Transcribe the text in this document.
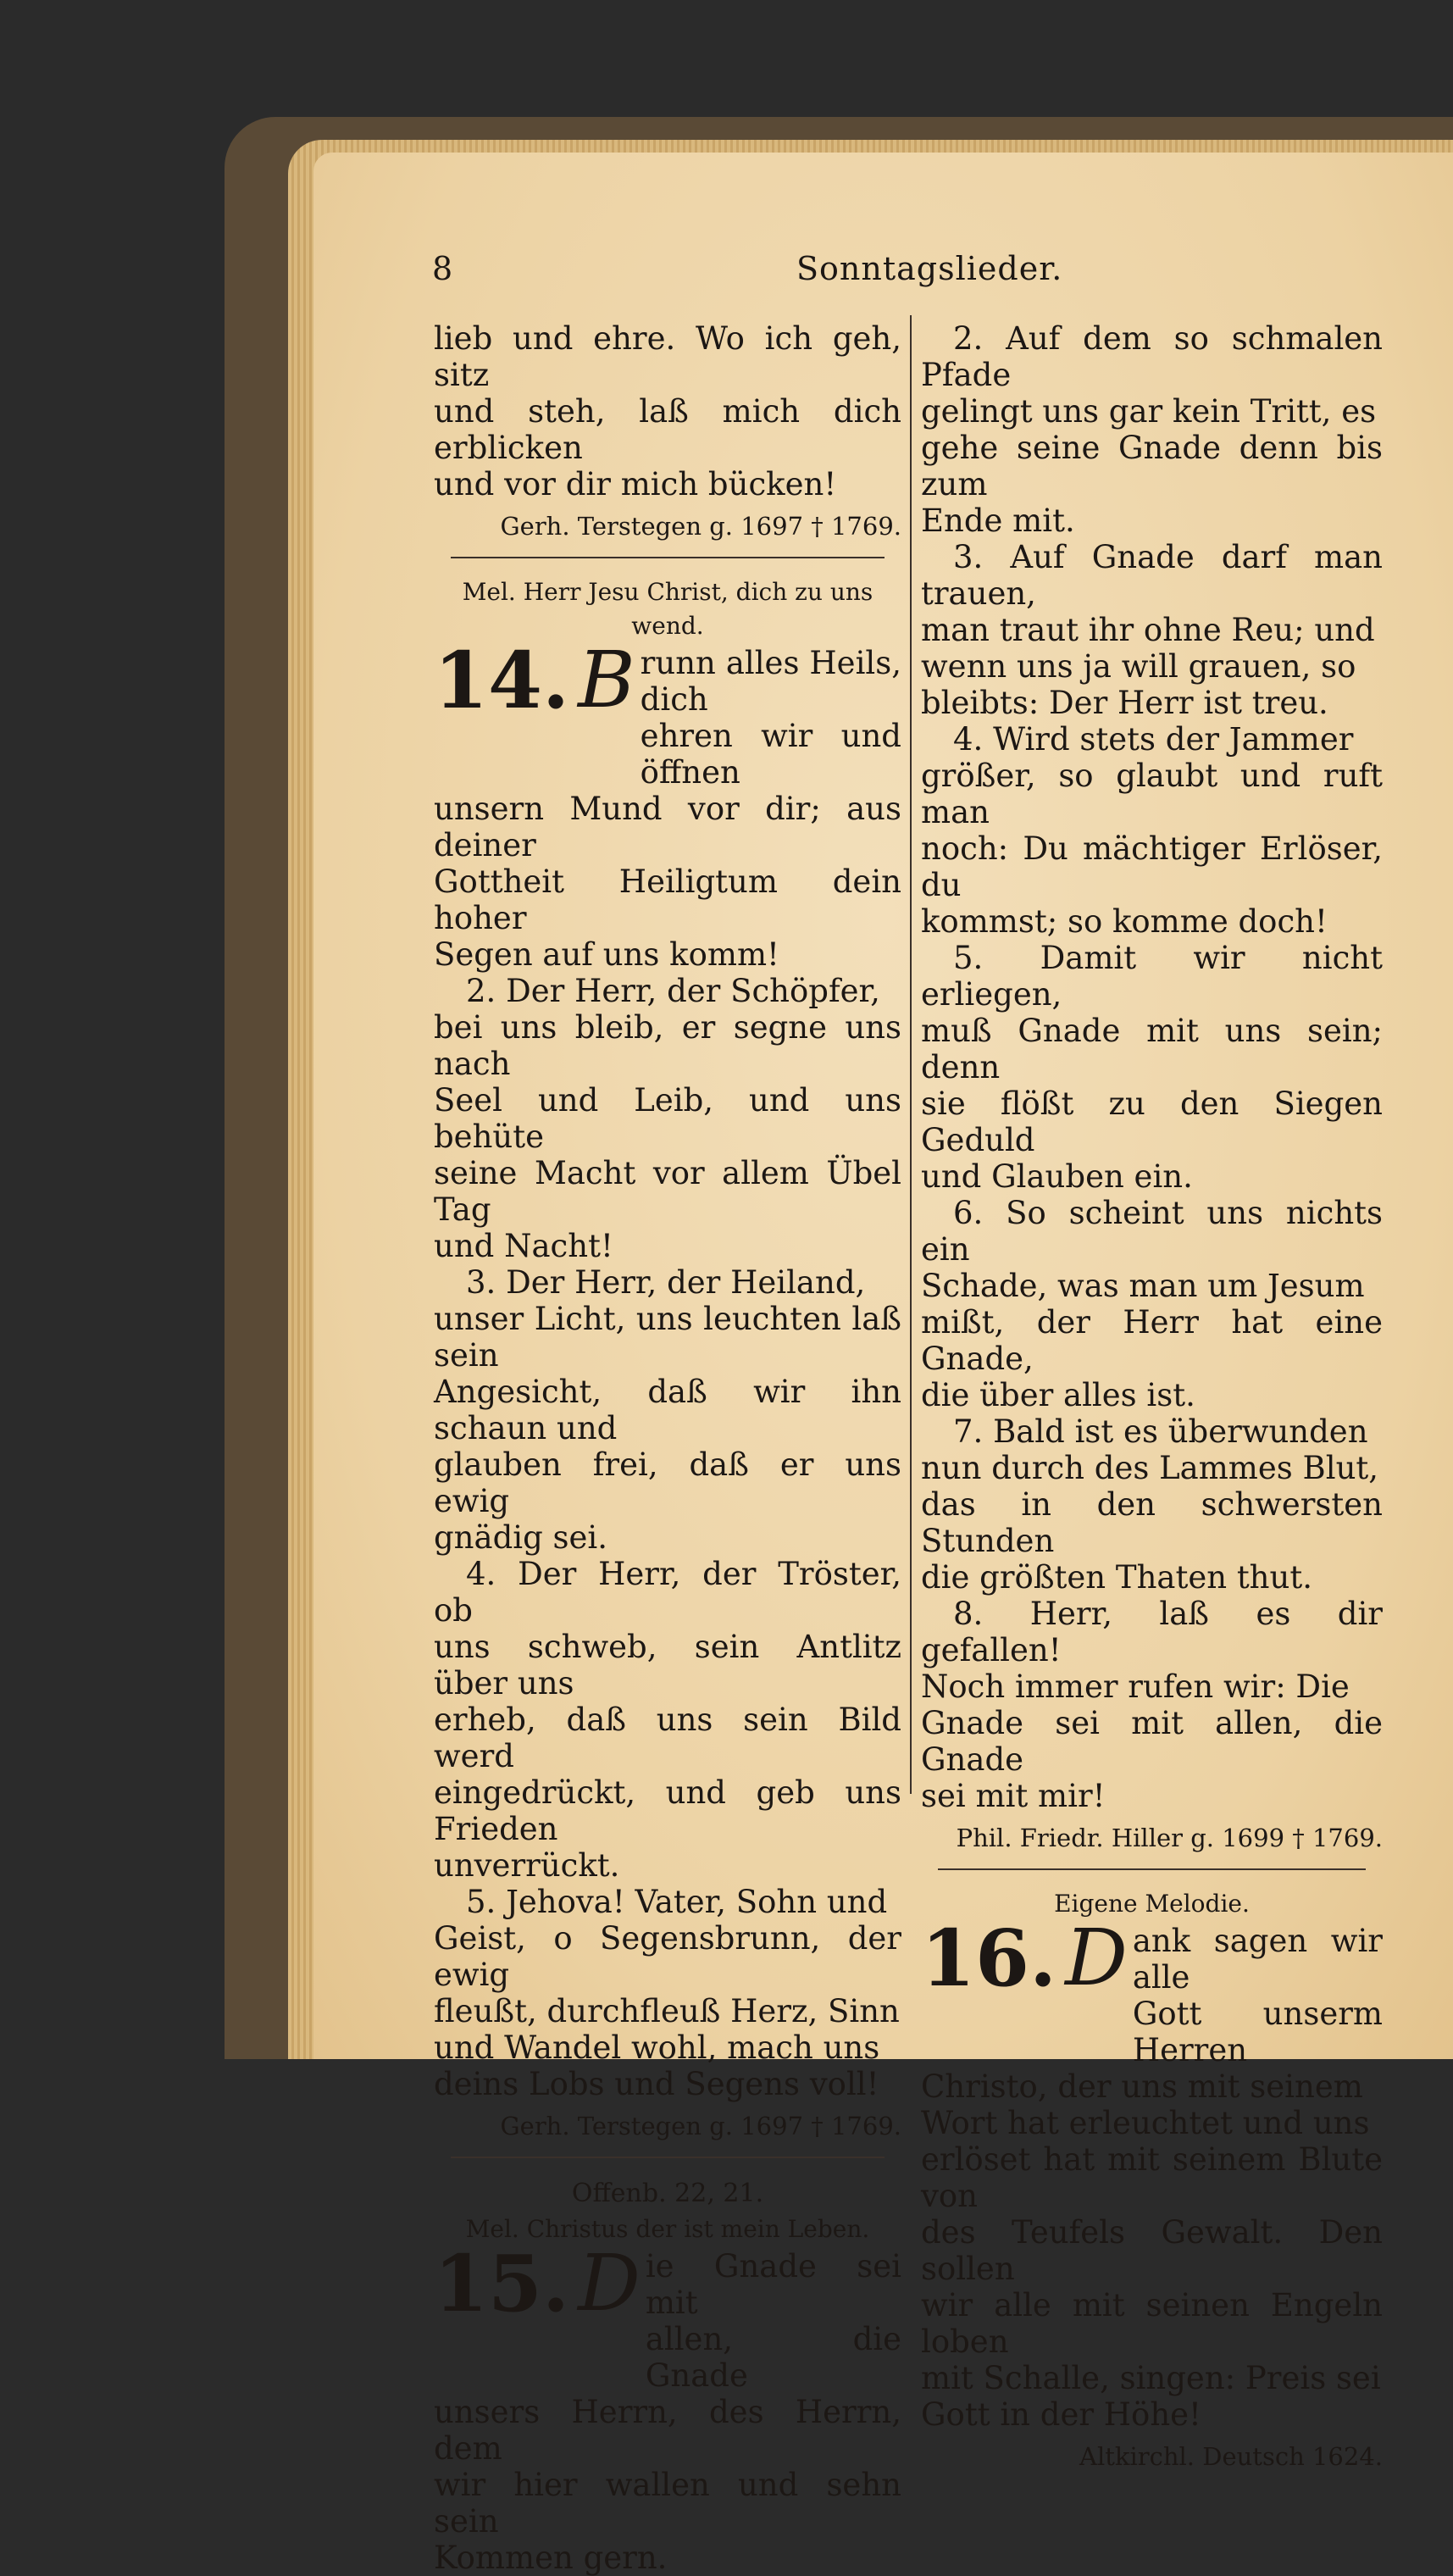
8	Sonntagslieder.

lieb und ehre. Wo ich geh, sitz

und steh, laß mich dich erblicken

und vor dir mich bücken!

Gerh. Terstegen g. 1697 † 1769.
Mel. Herr Jesu Christ, dich zu uns wend.
14. B runn alles Heils, dich
ehren wir und öffnen

unsern Mund vor dir; aus deiner

Gottheit Heiligtum dein hoher

Segen auf uns komm!

2. Der Herr, der Schöpfer,

bei uns bleib, er segne uns nach

Seel und Leib, und uns behüte

seine Macht vor allem Übel Tag

und Nacht!

3. Der Herr, der Heiland,

unser Licht, uns leuchten laß sein

Angesicht, daß wir ihn schaun und

glauben frei, daß er uns ewig

gnädig sei.

4. Der Herr, der Tröster, ob

uns schweb, sein Antlitz über uns

erheb, daß uns sein Bild werd

eingedrückt, und geb uns Frieden

unverrückt.

5. Jehova! Vater, Sohn und

Geist, o Segensbrunn, der ewig

fleußt, durchfleuß Herz, Sinn

und Wandel wohl, mach uns

deins Lobs und Segens voll!

Gerh. Terstegen g. 1697 † 1769.
Offenb. 22, 21.
Mel. Christus der ist mein Leben.
15. D ie Gnade sei mit
allen, die Gnade

unsers Herrn, des Herrn, dem

wir hier wallen und sehn sein

Kommen gern.

2. Auf dem so schmalen Pfade

gelingt uns gar kein Tritt, es

gehe seine Gnade denn bis zum

Ende mit.

3. Auf Gnade darf man trauen,

man traut ihr ohne Reu; und

wenn uns ja will grauen, so

bleibts: Der Herr ist treu.

4. Wird stets der Jammer

größer, so glaubt und ruft man

noch: Du mächtiger Erlöser, du

kommst; so komme doch!

5. Damit wir nicht erliegen,

muß Gnade mit uns sein; denn

sie flößt zu den Siegen Geduld

und Glauben ein.

6. So scheint uns nichts ein

Schade, was man um Jesum

mißt, der Herr hat eine Gnade,

die über alles ist.

7. Bald ist es überwunden

nun durch des Lammes Blut,

das in den schwersten Stunden

die größten Thaten thut.

8. Herr, laß es dir gefallen!

Noch immer rufen wir: Die

Gnade sei mit allen, die Gnade

sei mit mir!

Phil. Friedr. Hiller g. 1699 † 1769.
Eigene Melodie.
16. D ank sagen wir alle
Gott unserm Herren

Christo, der uns mit seinem

Wort hat erleuchtet und uns

erlöset hat mit seinem Blute von

des Teufels Gewalt. Den sollen

wir alle mit seinen Engeln loben

mit Schalle, singen: Preis sei

Gott in der Höhe!

Altkirchl. Deutsch 1624.
